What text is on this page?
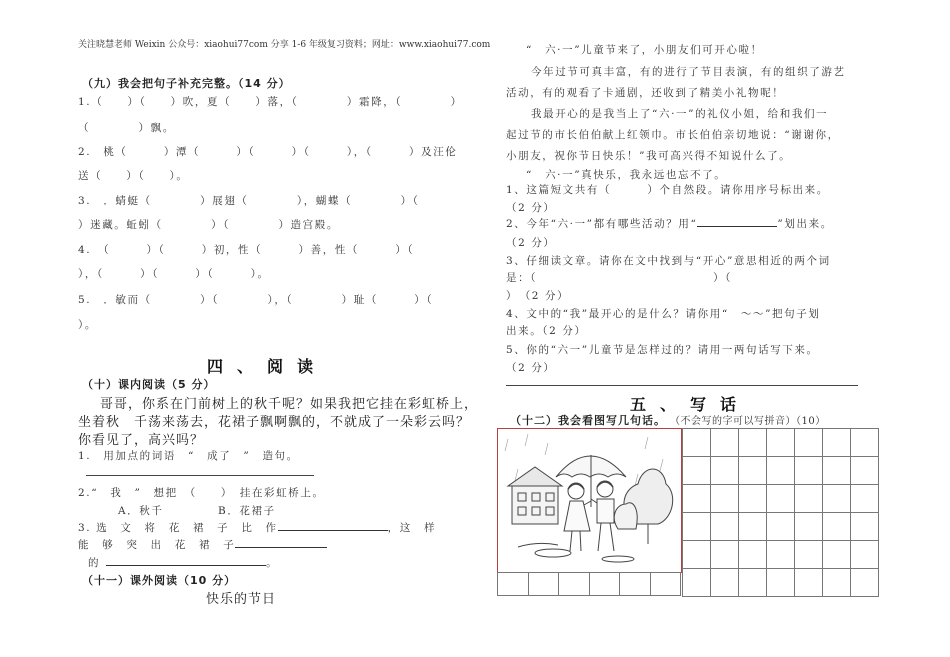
关注晓慧老师 Weixin 公众号：xiaohui77com 分享 1-6 年级复习资料；网址：www.xiaohui77.com
（九）我会把句子补充完整。（14 分）
1.（　　）（　　）吹，夏（　　）落，（　　　　）霜降，（　　　　）
（　　　　）飘。
2.　桃（　　　）潭（　　　）（　　　）（　　　），（　　　）及汪伦
送（　　）（　　）。
3.　．蜻蜓（　　　　）展翅（　　　　），蝴蝶（　　　　）（
）迷藏。蚯蚓（　　　　）（　　　　）造宫殿。
4.　（　　　）（　　　）初，性（　　　）善，性（　　　）（
），（　　　）（　　　）（　　　）。
5.　．敏而（　　　　）（　　　　），（　　　　）耻（　　　）（
）。
四、阅读
（十）课内阅读（5 分）
哥哥，你系在门前树上的秋千呢？如果我把它挂在彩虹桥上，
坐着秋　千荡来荡去，花裙子飘啊飘的，不就成了一朵彩云吗？
你看见了，高兴吗？
1.　用加点的词语　“　成了　”　造句。
2.“　我　”　想把　（　　）　挂在彩虹桥上。
A．秋千	B．花裙子
3. 选　文　将　花　裙　子　比　作	，这　样
能　够　突　出　花　裙　子
的	。
（十一）课外阅读（10 分）
快乐的节日
“　六·一”儿童节来了，小朋友们可开心啦！
今年过节可真丰富，有的进行了节目表演，有的组织了游艺
活动，有的观看了卡通剧，还收到了精美小礼物呢！
我最开心的是我当上了“六·一”的礼仪小姐，给和我们一
起过节的市长伯伯献上红领巾。市长伯伯亲切地说：“谢谢你，
小朋友，祝你节日快乐！”我可高兴得不知说什么了。
“　六·一”真快乐，我永远也忘不了。
1、这篇短文共有（　　　）个自然段。请你用序号标出来。
（2 分）
2、今年“六·一”都有哪些活动？用“	”划出来。
（2 分）
3、仔细读文章。请你在文中找到与“开心”意思相近的两个词
是：（	）（
）　（2 分）
4、文中的“我”最开心的是什么？请你用“　～～”把句子划
出来。（2 分）
5、你的“六一”儿童节是怎样过的？请用一两句话写下来。
（2 分）
五、写话
（十二）我会看图写几句话。 （不会写的字可以写拼音）（10）
